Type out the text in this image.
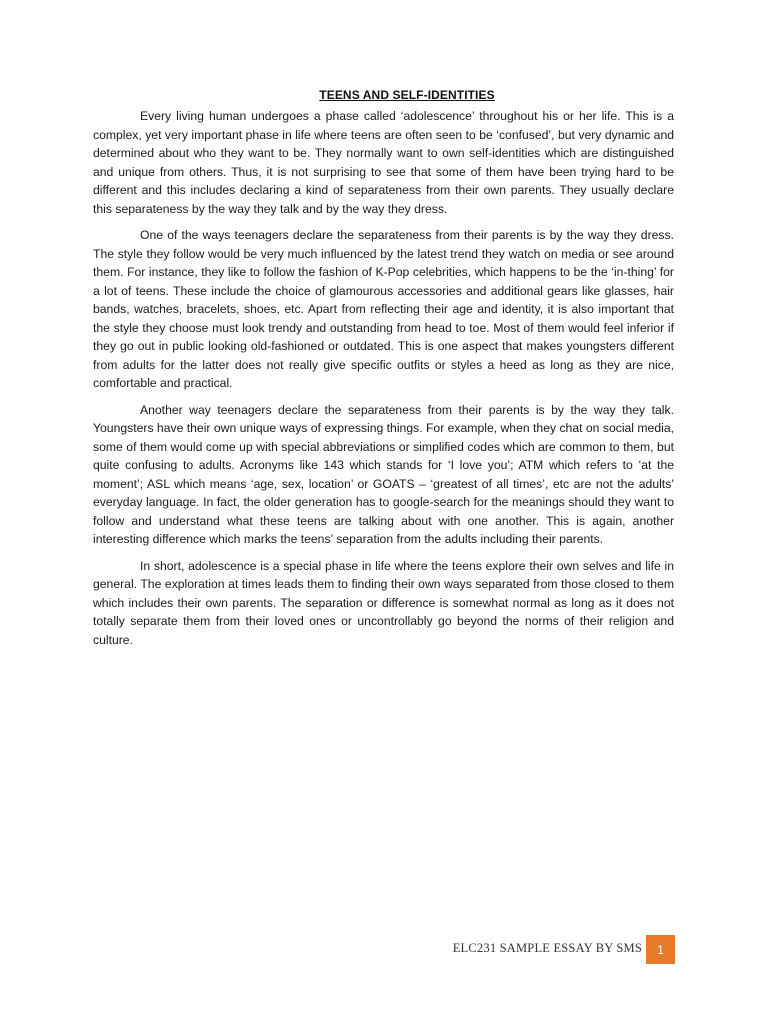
TEENS AND SELF-IDENTITIES

Every living human undergoes a phase called ‘adolescence’ throughout his or her life. This is a complex, yet very important phase in life where teens are often seen to be ‘confused’, but very dynamic and determined about who they want to be. They normally want to own self-identities which are distinguished and unique from others. Thus, it is not surprising to see that some of them have been trying hard to be different and this includes declaring a kind of separateness from their own parents. They usually declare this separateness by the way they talk and by the way they dress.

One of the ways teenagers declare the separateness from their parents is by the way they dress. The style they follow would be very much influenced by the latest trend they watch on media or see around them. For instance, they like to follow the fashion of K-Pop celebrities, which happens to be the ‘in-thing’ for a lot of teens. These include the choice of glamourous accessories and additional gears like glasses, hair bands, watches, bracelets, shoes, etc. Apart from reflecting their age and identity, it is also important that the style they choose must look trendy and outstanding from head to toe. Most of them would feel inferior if they go out in public looking old-fashioned or outdated. This is one aspect that makes youngsters different from adults for the latter does not really give specific outfits or styles a heed as long as they are nice, comfortable and practical.

Another way teenagers declare the separateness from their parents is by the way they talk. Youngsters have their own unique ways of expressing things. For example, when they chat on social media, some of them would come up with special abbreviations or simplified codes which are common to them, but quite confusing to adults. Acronyms like 143 which stands for ‘I love you’; ATM which refers to ‘at the moment’; ASL which means ‘age, sex, location’ or GOATS – ‘greatest of all times’, etc are not the adults’ everyday language. In fact, the older generation has to google-search for the meanings should they want to follow and understand what these teens are talking about with one another. This is again, another interesting difference which marks the teens’ separation from the adults including their parents.

In short, adolescence is a special phase in life where the teens explore their own selves and life in general. The exploration at times leads them to finding their own ways separated from those closed to them which includes their own parents. The separation or difference is somewhat normal as long as it does not totally separate them from their loved ones or uncontrollably go beyond the norms of their religion and culture.

ELC231 SAMPLE ESSAY BY SMS	1
